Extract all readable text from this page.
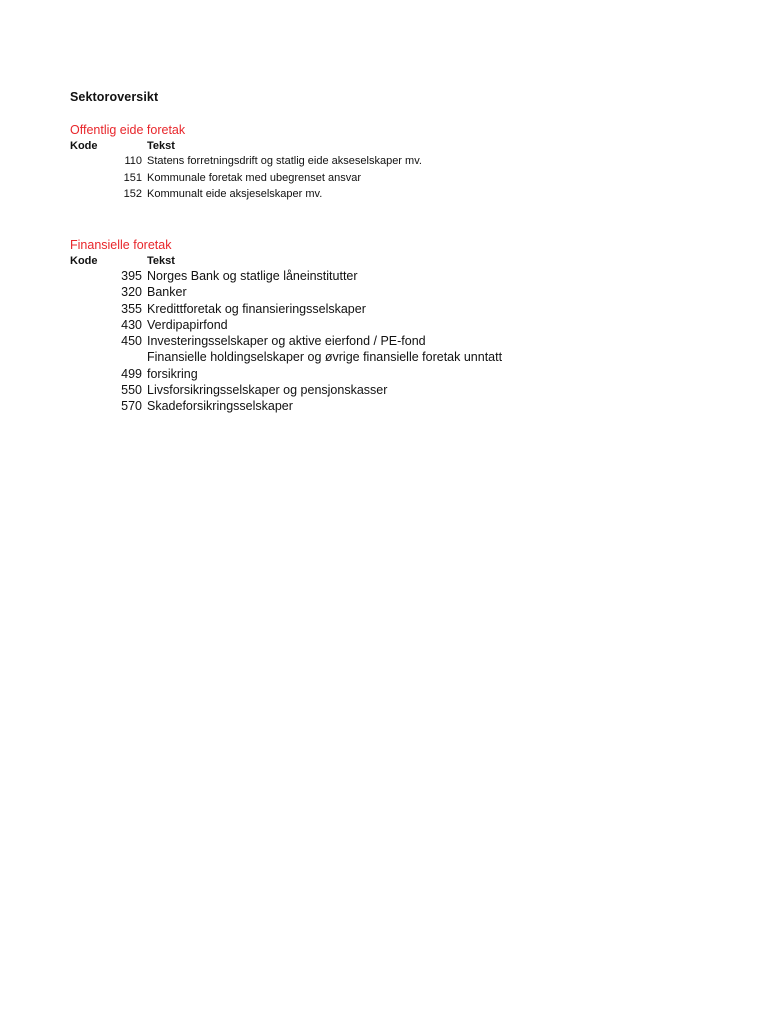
Sektoroversikt
Offentlig eide foretak
Kode	Tekst
110 Statens forretningsdrift og statlig eide akseselskaper mv.
151 Kommunale foretak med ubegrenset ansvar
152 Kommunalt eide aksjeselskaper mv.
Finansielle foretak
Kode	Tekst
395 Norges Bank og statlige låneinstitutter
320 Banker
355 Kredittforetak og finansieringsselskaper
430 Verdipapirfond
450 Investeringsselskaper og aktive eierfond / PE-fond
499
Finansielle holdingselskaper og øvrige finansielle foretak unntatt forsikring
550 Livsforsikringsselskaper og pensjonskasser
570 Skadeforsikringsselskaper
